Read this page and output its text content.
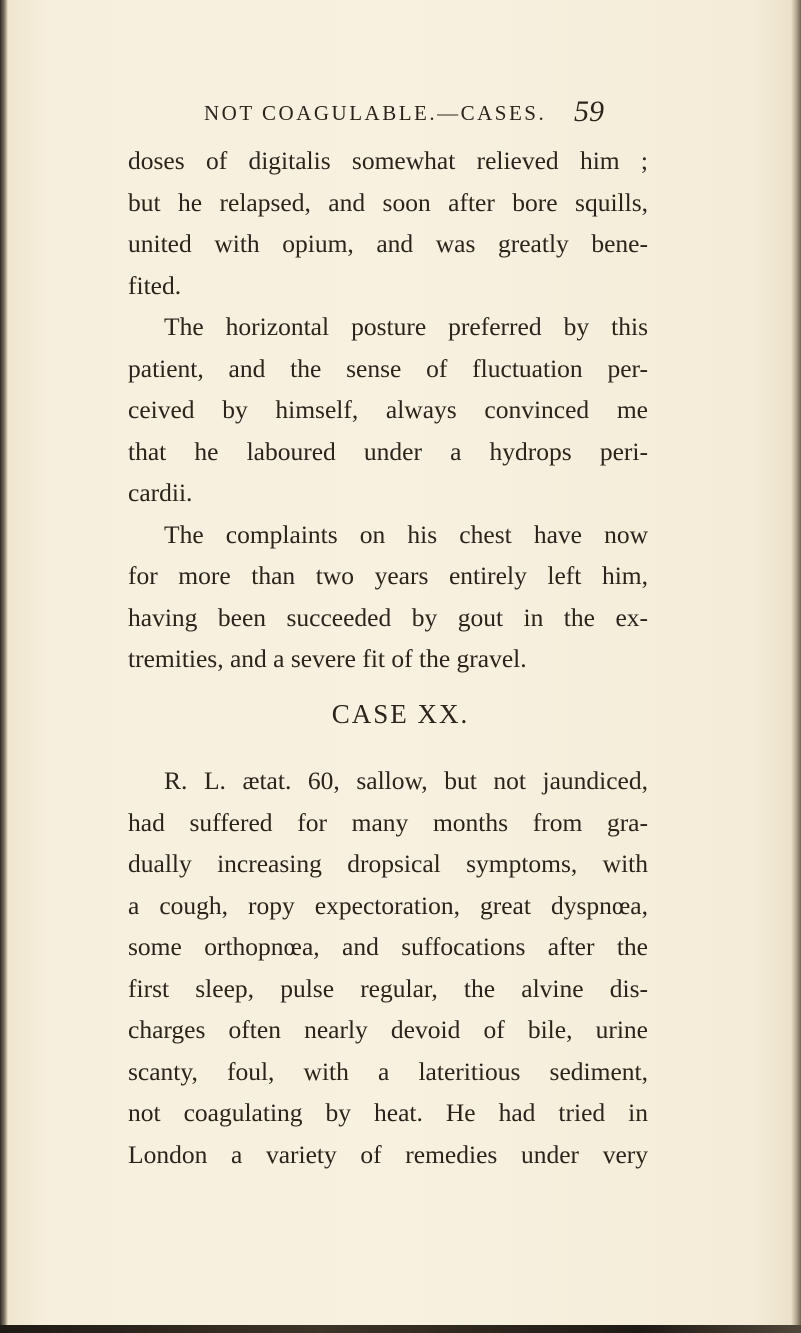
NOT COAGULABLE.—CASES. 59
doses of digitalis somewhat relieved him ;
but he relapsed, and soon after bore squills,
united with opium, and was greatly bene-
fited.
The horizontal posture preferred by this
patient, and the sense of fluctuation per-
ceived by himself, always convinced me
that he laboured under a hydrops peri-
cardii.
The complaints on his chest have now
for more than two years entirely left him,
having been succeeded by gout in the ex-
tremities, and a severe fit of the gravel.
CASE XX.
R. L. ætat. 60, sallow, but not jaundiced,
had suffered for many months from gra-
dually increasing dropsical symptoms, with
a cough, ropy expectoration, great dyspnœa,
some orthopnœa, and suffocations after the
first sleep, pulse regular, the alvine dis-
charges often nearly devoid of bile, urine
scanty, foul, with a lateritious sediment,
not coagulating by heat. He had tried in
London a variety of remedies under very
